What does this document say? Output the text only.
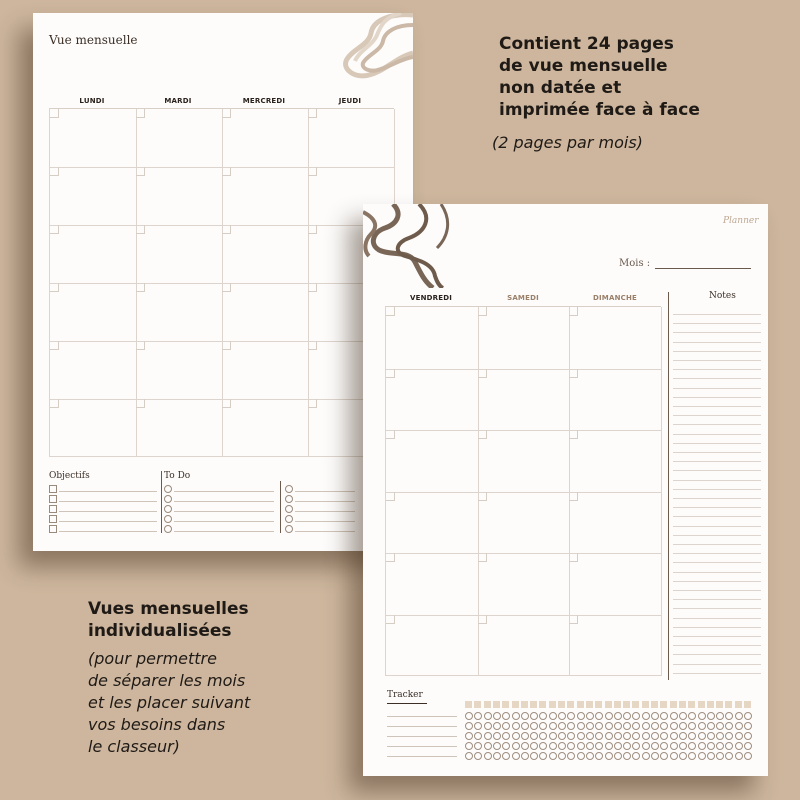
Vue mensuelle
LUNDI	MARDI	MERCREDI	JEUDI
Objectifs	To Do
Planner
Mois :
VENDREDI	SAMEDI	DIMANCHE	Notes
Tracker
Contient 24 pages
de vue mensuelle
non datée et
imprimée face à face
(2 pages par mois)
Vues mensuelles
individualisées
(pour permettre
de séparer les mois
et les placer suivant
vos besoins dans
le classeur)
